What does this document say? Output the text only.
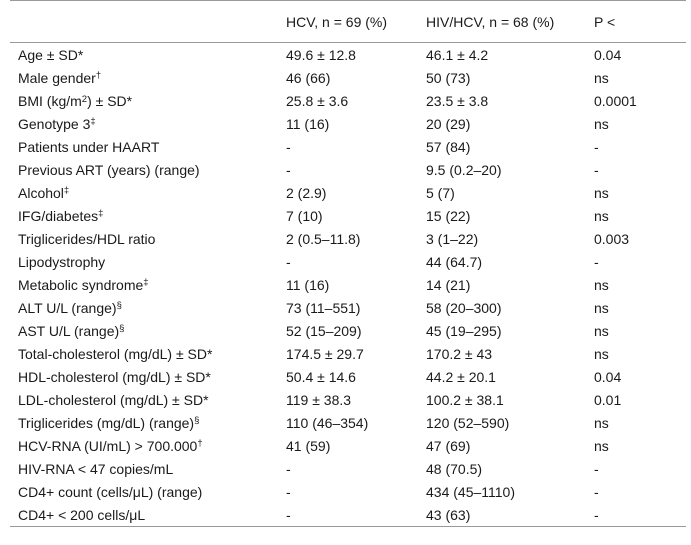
	HCV, n = 69 (%)	HIV/HCV, n = 68 (%)	P <
Age ± SD*	49.6 ± 12.8	46.1 ± 4.2	0.04
Male gender†	46 (66)	50 (73)	ns
BMI $(kg/m^2) \pm SD*$	25.8 ± 3.6	23.5 ± 3.8	0.0001
Genotype 3‡	11 (16)	20 (29)	ns
Patients under HAART	-	57 (84)	-
Previous ART (years) (range)	-	9.5 (0.2–20)	-
Alcohol‡	2 (2.9)	5 (7)	ns
IFG/diabetes‡	7 (10)	15 (22)	ns
Triglicerides/HDL ratio	2 (0.5–11.8)	3 (1–22)	0.003
Lipodystrophy	-	44 (64.7)	-
Metabolic syndrome‡	11 (16)	14 (21)	ns
ALT U/L (range)§	73 (11–551)	58 (20–300)	ns
AST U/L (range)§	52 (15–209)	45 (19–295)	ns
Total-cholesterol (mg/dL) ± SD*	174.5 ± 29.7	170.2 ± 43	ns
HDL-cholesterol (mg/dL) ± SD*	50.4 ± 14.6	44.2 ± 20.1	0.04
LDL-cholesterol (mg/dL) ± SD*	119 ± 38.3	100.2 ± 38.1	0.01
Triglicerides (mg/dL) (range)§	110 (46–354)	120 (52–590)	ns
HCV-RNA (UI/mL) > 700.000†	41 (59)	47 (69)	ns
HIV-RNA < 47 copies/mL	-	48 (70.5)	-
CD4+ count (cells/μL) (range)	-	434 (45–1110)	-
CD4+ < 200 cells/μL	-	43 (63)	-
